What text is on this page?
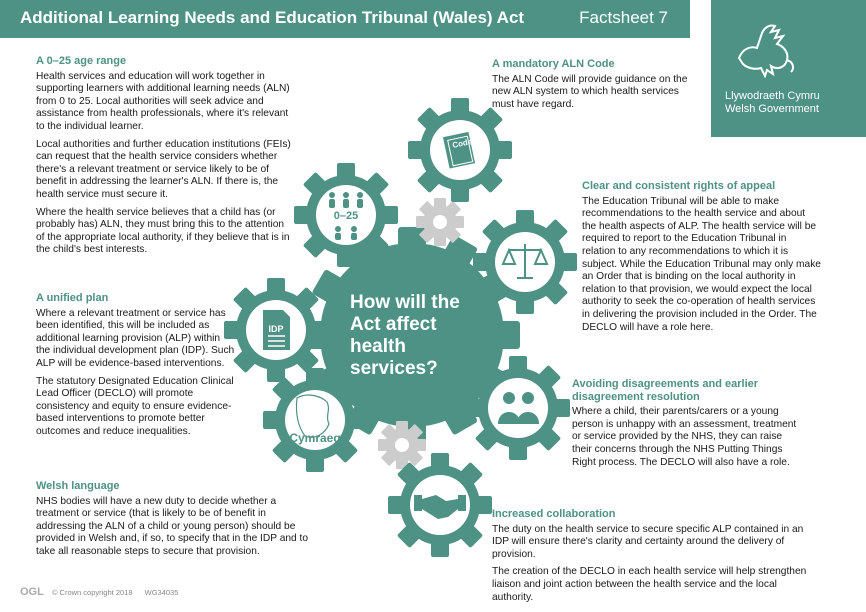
Additional Learning Needs and Education Tribunal (Wales) Act	Factsheet 7
Llywodraeth Cymru
Welsh Government
Code
0–25
IDP
Cymraeg
How will the Act affect health services?
A 0–25 age range

Health services and education will work together in supporting learners with additional learning needs (ALN) from 0 to 25. Local authorities will seek advice and assistance from health professionals, where it's relevant to the individual learner.

Local authorities and further education institutions (FEIs) can request that the health service considers whether there's a relevant treatment or service likely to be of benefit in addressing the learner's ALN. If there is, the health service must secure it.

Where the health service believes that a child has (or probably has) ALN, they must bring this to the attention of the appropriate local authority, if they believe that is in the child's best interests.

A unified plan

Where a relevant treatment or service has been identified, this will be included as additional learning provision (ALP) within the individual development plan (IDP). Such ALP will be evidence-based interventions.

The statutory Designated Education Clinical Lead Officer (DECLO) will promote consistency and equity to ensure evidence-based interventions to promote better outcomes and reduce inequalities.

Welsh language

NHS bodies will have a new duty to decide whether a treatment or service (that is likely to be of benefit in addressing the ALN of a child or young person) should be provided in Welsh and, if so, to specify that in the IDP and to take all reasonable steps to secure that provision.

A mandatory ALN Code

The ALN Code will provide guidance on the new ALN system to which health services must have regard.

Clear and consistent rights of appeal

The Education Tribunal will be able to make recommendations to the health service and about the health aspects of ALP. The health service will be required to report to the Education Tribunal in relation to any recommendations to which it is subject. While the Education Tribunal may only make an Order that is binding on the local authority in relation to that provision, we would expect the local authority to seek the co-operation of health services in delivering the provision included in the Order. The DECLO will have a role here.

Avoiding disagreements and earlier disagreement resolution

Where a child, their parents/carers or a young person is unhappy with an assessment, treatment or service provided by the NHS, they can raise their concerns through the NHS Putting Things Right process. The DECLO will also have a role.

Increased collaboration

The duty on the health service to secure specific ALP contained in an IDP will ensure there's clarity and certainty around the delivery of provision.

The creation of the DECLO in each health service will help strengthen liaison and joint action between the health service and the local authority.

OGL © Crown copyright 2018 WG34035
